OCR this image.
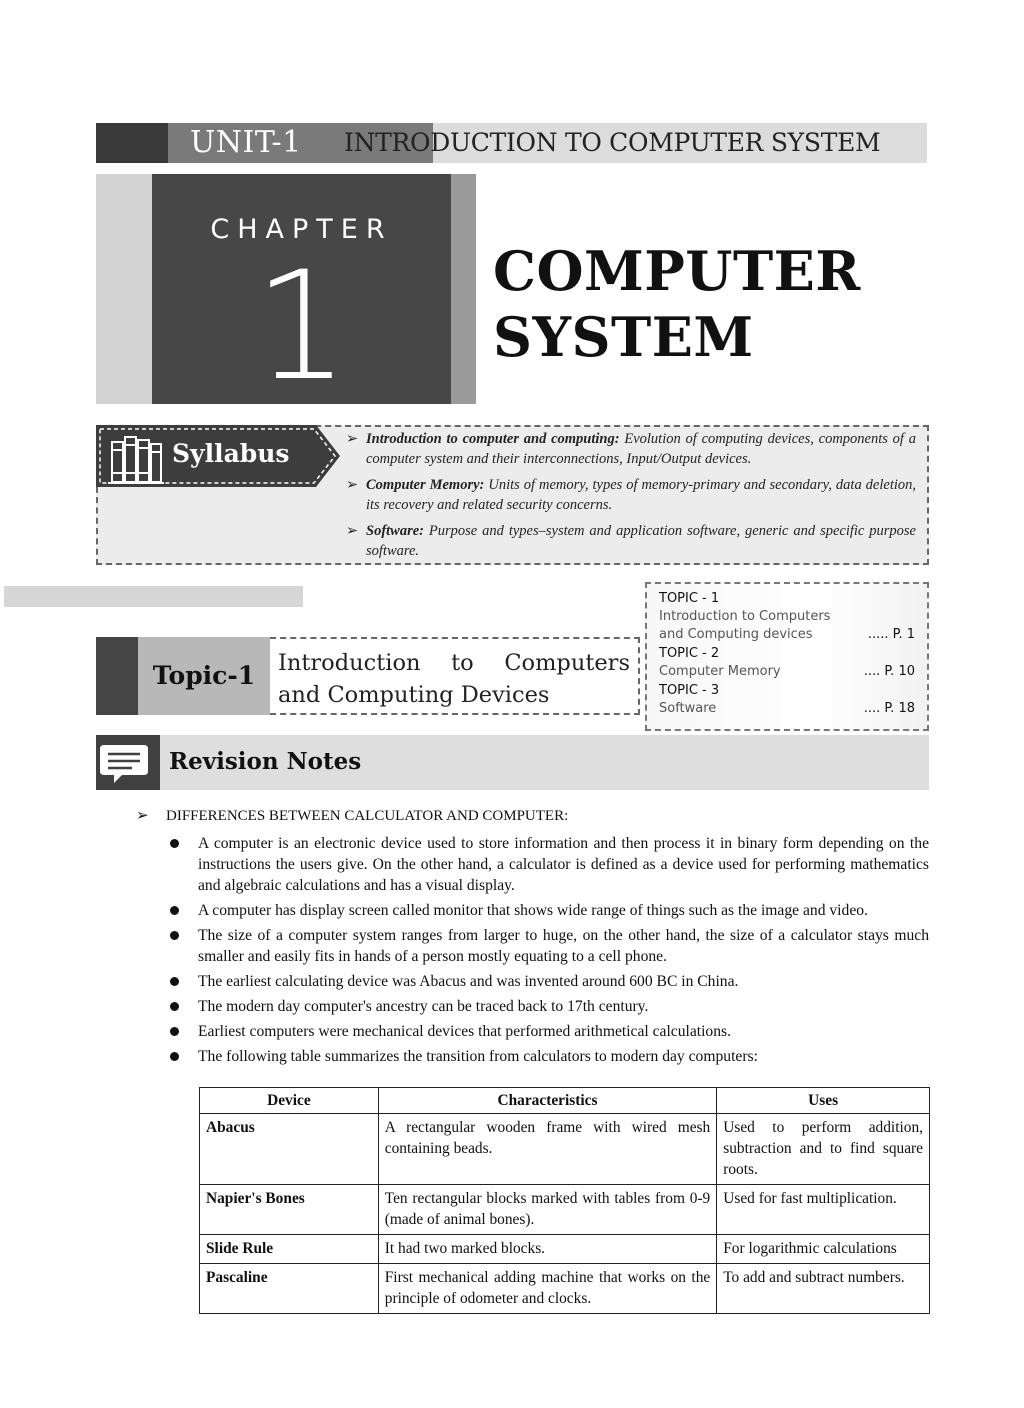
UNIT-1	INTRODUCTION TO COMPUTER SYSTEM
CHAPTER
1	COMPUTER
SYSTEM
Syllabus	➢ Introduction to computer and computing: Evolution of computing devices, components of a computer system and their interconnections, Input/Output devices.
➢ Computer Memory: Units of memory, types of memory-primary and secondary, data deletion, its recovery and related security concerns.
➢ Software: Purpose and types–system and application software, generic and specific purpose software.
TOPIC - 1
Introduction to Computers
and Computing devices	..... P. 1
TOPIC - 2
Computer Memory	.... P. 10
TOPIC - 3
Software	.... P. 18
Topic-1	Introduction to Computers
and Computing Devices
Revision Notes
➢ DIFFERENCES BETWEEN CALCULATOR AND COMPUTER:
A computer is an electronic device used to store information and then process it in binary form depending on the instructions the users give. On the other hand, a calculator is defined as a device used for performing mathematics and algebraic calculations and has a visual display.
A computer has display screen called monitor that shows wide range of things such as the image and video.
The size of a computer system ranges from larger to huge, on the other hand, the size of a calculator stays much smaller and easily fits in hands of a person mostly equating to a cell phone.
The earliest calculating device was Abacus and was invented around 600 BC in China.
The modern day computer's ancestry can be traced back to 17th century.
Earliest computers were mechanical devices that performed arithmetical calculations.
The following table summarizes the transition from calculators to modern day computers:
Device	Characteristics	Uses
Abacus	A rectangular wooden frame with wired mesh containing beads.	Used to perform addition, subtraction and to find square roots.
Napier's Bones	Ten rectangular blocks marked with tables from 0-9 (made of animal bones).	Used for fast multiplication.
Slide Rule	It had two marked blocks.	For logarithmic calculations
Pascaline	First mechanical adding machine that works on the principle of odometer and clocks.	To add and subtract numbers.
